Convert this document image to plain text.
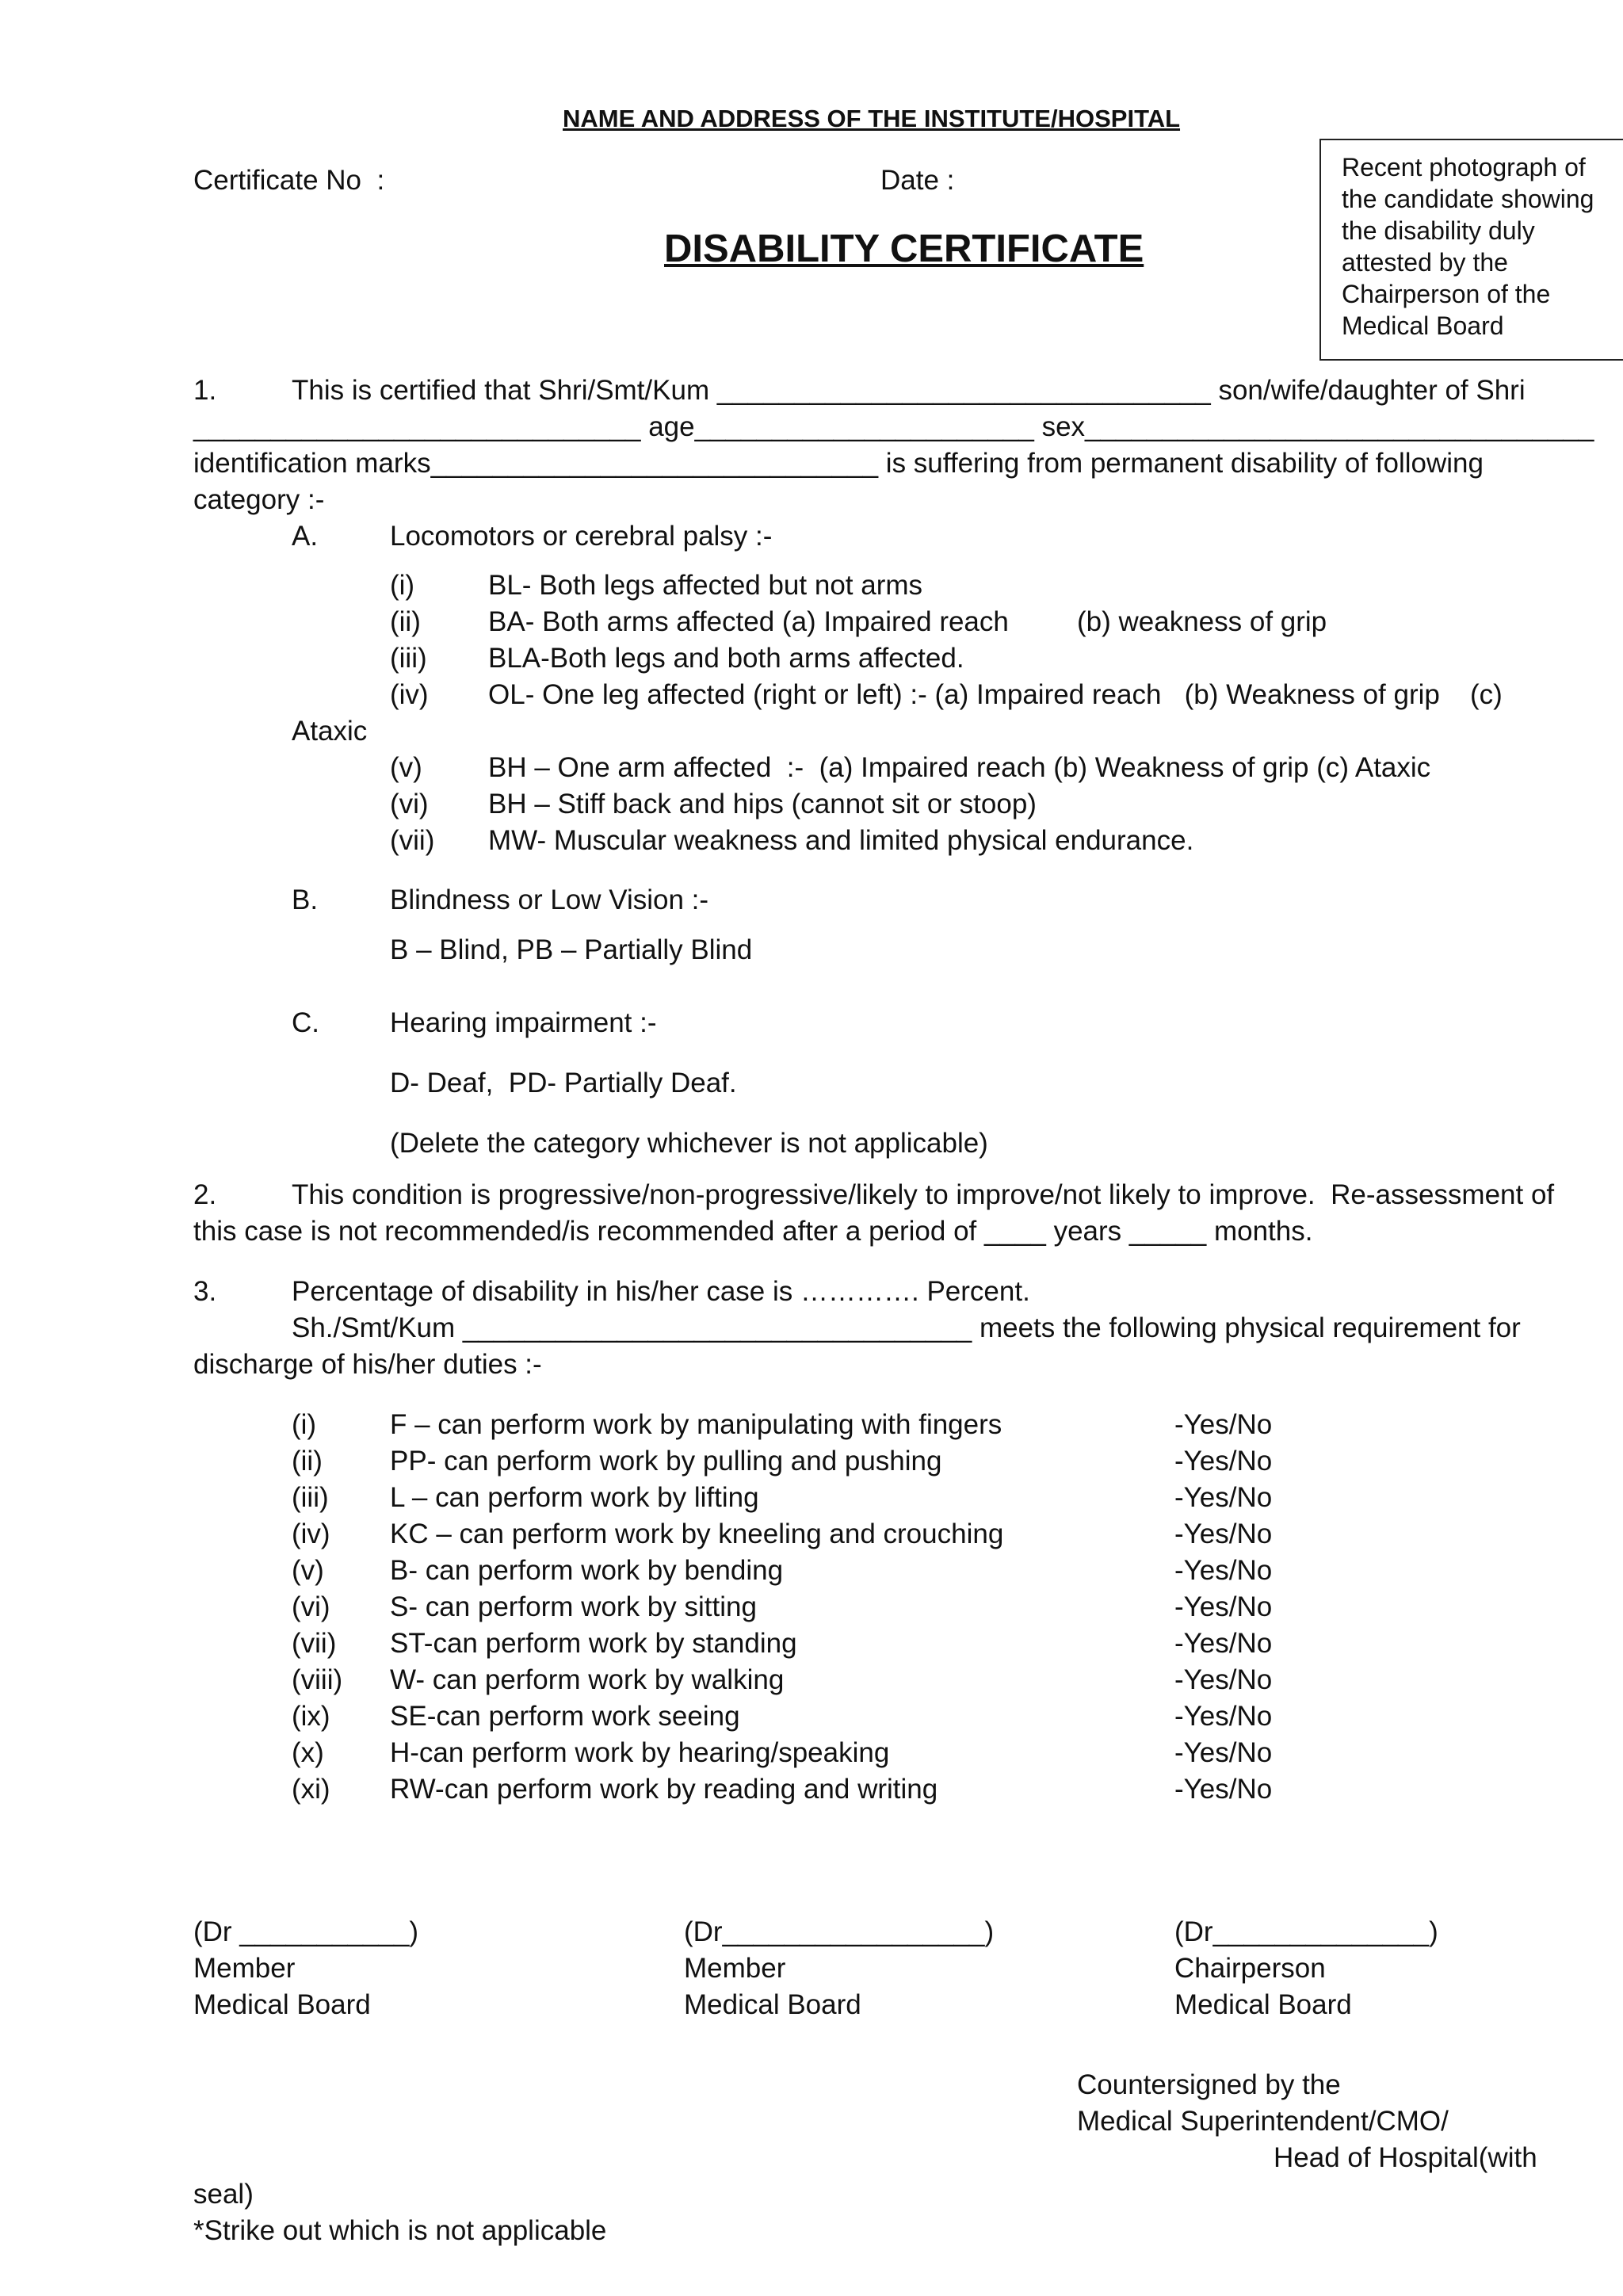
NAME AND ADDRESS OF THE INSTITUTE/HOSPITAL
Certificate No  :	Date :
DISABILITY CERTIFICATE
Recent photograph of the candidate showing the disability duly attested by the Chairperson of the Medical Board
1.	This is certified that Shri/Smt/Kum ________________________________ son/wife/daughter of Shri
_____________________________ age______________________ sex_________________________________
identification marks_____________________________ is suffering from permanent disability of following
category :-
A.	Locomotors or cerebral palsy :-
(i)	BL- Both legs affected but not arms
(ii) BA- Both arms affected (a) Impaired reach (b) weakness of grip
(iii) BLA-Both legs and both arms affected.
(iv) OL- One leg affected (right or left) :- (a) Impaired reach   (b) Weakness of grip (c)
Ataxic
(v) BH – One arm affected  :-  (a) Impaired reach (b) Weakness of grip (c) Ataxic
(vi) BH – Stiff back and hips (cannot sit or stoop)
(vii) MW- Muscular weakness and limited physical endurance.
B.	Blindness or Low Vision :-
B – Blind, PB – Partially Blind
C.	Hearing impairment :-
D- Deaf,  PD- Partially Deaf.
(Delete the category whichever is not applicable)
2.	This condition is progressive/non-progressive/likely to improve/not likely to improve.  Re-assessment of
this case is not recommended/is recommended after a period of ____ years _____ months.
3.	Percentage of disability in his/her case is …………. Percent.
Sh./Smt/Kum _________________________________ meets the following physical requirement for
discharge of his/her duties :-
(i)	F – can perform work by manipulating with fingers	-Yes/No
(ii) PP- can perform work by pulling and pushing	-Yes/No
(iii) L – can perform work by lifting	-Yes/No
(iv) KC – can perform work by kneeling and crouching	-Yes/No
(v) B- can perform work by bending	-Yes/No
(vi) S- can perform work by sitting	-Yes/No
(vii) ST-can perform work by standing	-Yes/No
(viii) W- can perform work by walking	-Yes/No
(ix) SE-can perform work seeing	-Yes/No
(x) H-can perform work by hearing/speaking	-Yes/No
(xi) RW-can perform work by reading and writing	-Yes/No
(Dr ___________)
Member
Medical Board
(Dr_________________)
Member
Medical Board
(Dr______________)
Chairperson
Medical Board
Countersigned by the
Medical Superintendent/CMO/
Head of Hospital(with
seal)
*Strike out which is not applicable
